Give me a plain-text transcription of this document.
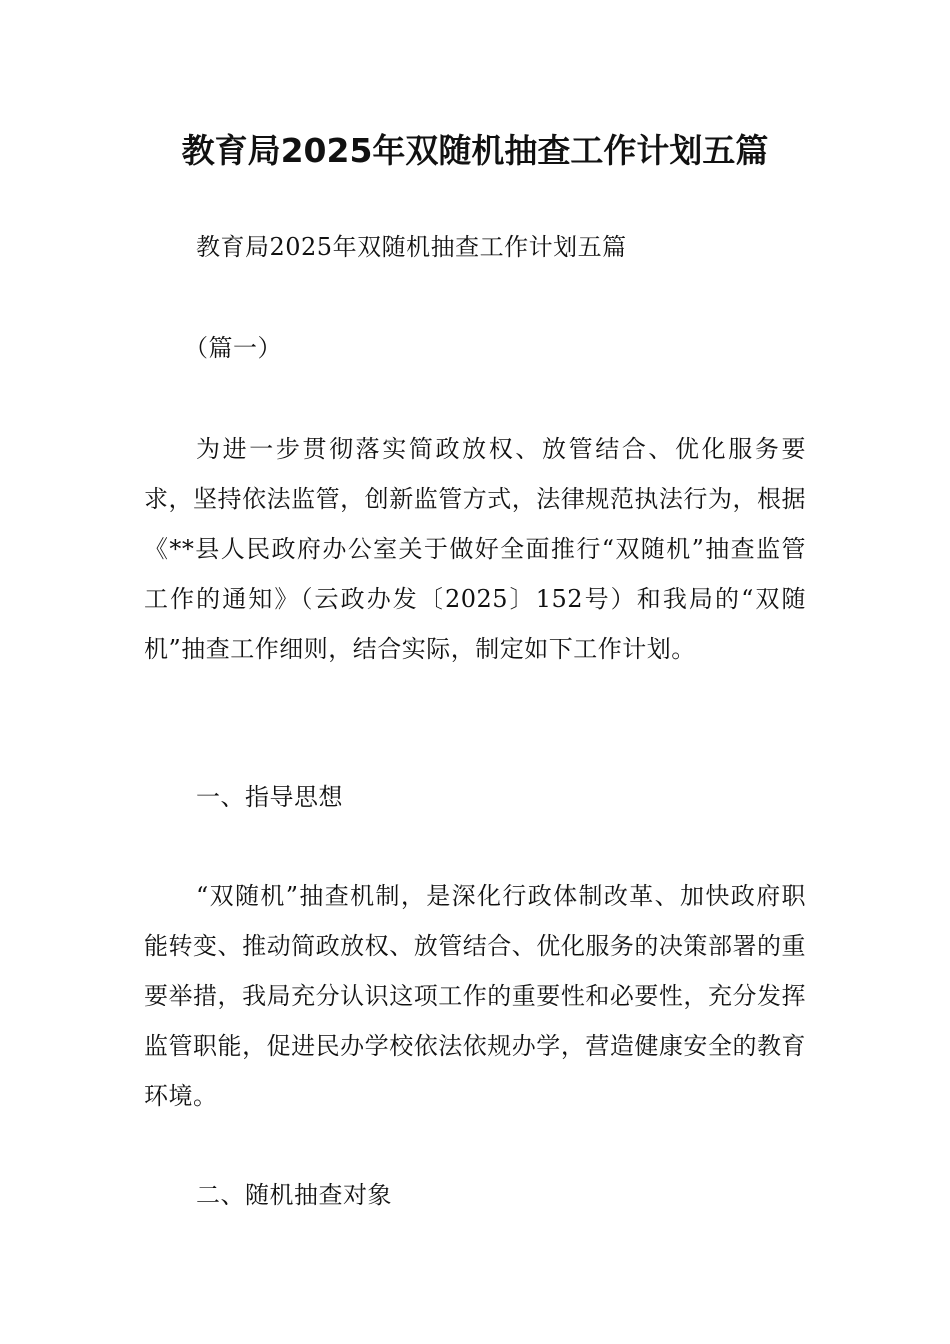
教育局2025年双随机抽查工作计划五篇

教育局2025年双随机抽查工作计划五篇

（篇一）

为进一步贯彻落实简政放权、放管结合、优化服务要求，坚持依法监管，创新监管方式，法律规范执法行为，根据《**县人民政府办公室关于做好全面推行“双随机”抽查监管工作的通知》（云政办发〔2025〕152号）和我局的“双随机”抽查工作细则，结合实际，制定如下工作计划。

一、指导思想

“双随机”抽查机制，是深化行政体制改革、加快政府职能转变、推动简政放权、放管结合、优化服务的决策部署的重要举措，我局充分认识这项工作的重要性和必要性，充分发挥监管职能，促进民办学校依法依规办学，营造健康安全的教育环境。

二、随机抽查对象
